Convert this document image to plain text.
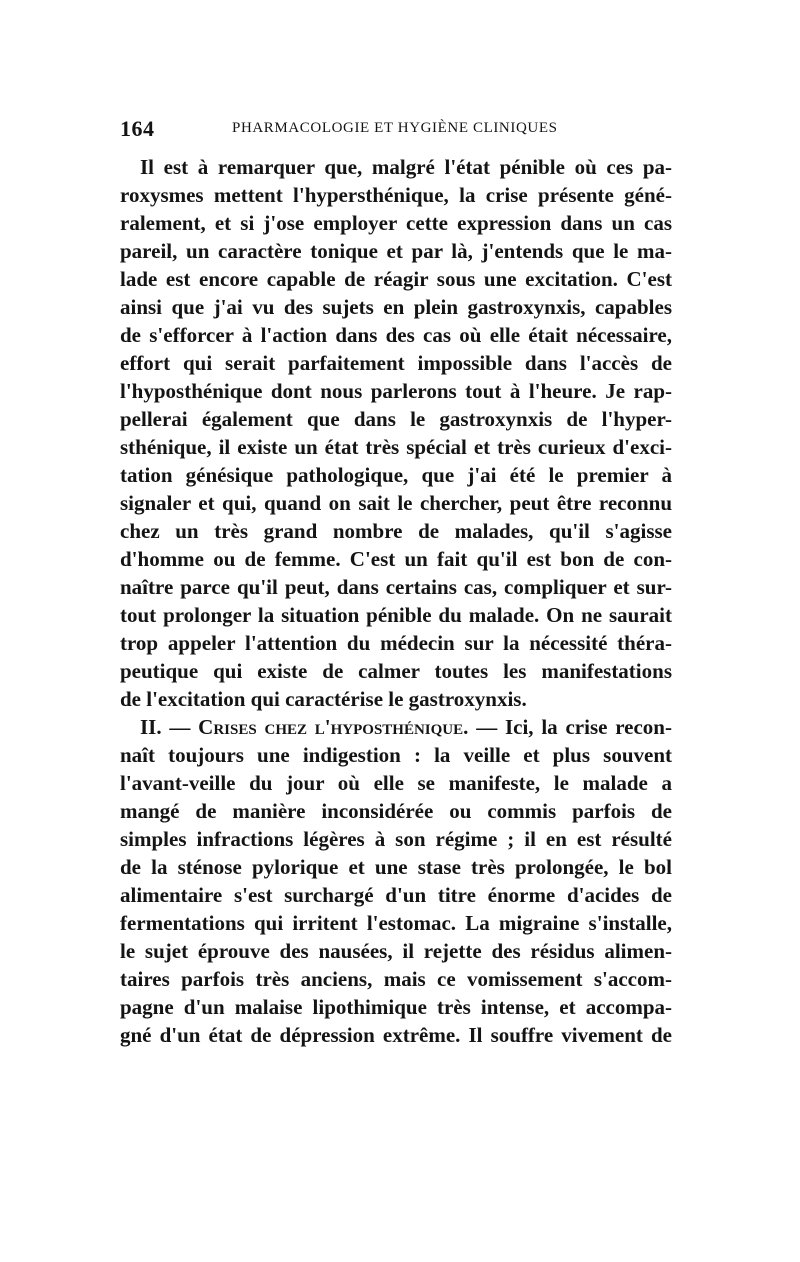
164	PHARMACOLOGIE ET HYGIÈNE CLINIQUES
Il est à remarquer que, malgré l'état pénible où ces pa-
roxysmes mettent l'hypersthénique, la crise présente géné-
ralement, et si j'ose employer cette expression dans un cas
pareil, un caractère tonique et par là, j'entends que le ma-
lade est encore capable de réagir sous une excitation. C'est
ainsi que j'ai vu des sujets en plein gastroxynxis, capables
de s'efforcer à l'action dans des cas où elle était nécessaire,
effort qui serait parfaitement impossible dans l'accès de
l'hyposthénique dont nous parlerons tout à l'heure. Je rap-
pellerai également que dans le gastroxynxis de l'hyper-
sthénique, il existe un état très spécial et très curieux d'exci-
tation génésique pathologique, que j'ai été le premier à
signaler et qui, quand on sait le chercher, peut être reconnu
chez un très grand nombre de malades, qu'il s'agisse
d'homme ou de femme. C'est un fait qu'il est bon de con-
naître parce qu'il peut, dans certains cas, compliquer et sur-
tout prolonger la situation pénible du malade. On ne saurait
trop appeler l'attention du médecin sur la nécessité théra-
peutique qui existe de calmer toutes les manifestations
de l'excitation qui caractérise le gastroxynxis.
II. — Crises chez l'hyposthénique. — Ici, la crise recon-
naît toujours une indigestion : la veille et plus souvent
l'avant-veille du jour où elle se manifeste, le malade a
mangé de manière inconsidérée ou commis parfois de
simples infractions légères à son régime ; il en est résulté
de la sténose pylorique et une stase très prolongée, le bol
alimentaire s'est surchargé d'un titre énorme d'acides de
fermentations qui irritent l'estomac. La migraine s'installe,
le sujet éprouve des nausées, il rejette des résidus alimen-
taires parfois très anciens, mais ce vomissement s'accom-
pagne d'un malaise lipothimique très intense, et accompa-
gné d'un état de dépression extrême. Il souffre vivement de
